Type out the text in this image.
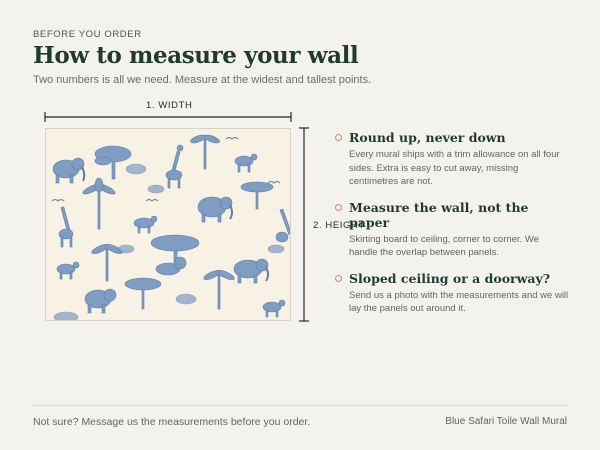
BEFORE YOU ORDER
How to measure your wall

Two numbers is all we need. Measure at the widest and tallest points.

1. WIDTH
2. HEIGHT
Round up, never down
Every mural ships with a trim allowance on all four sides. Extra is easy to cut away, missing centimetres are not.
Measure the wall, not the paper
Skirting board to ceiling, corner to corner. We handle the overlap between panels.
Sloped ceiling or a doorway?
Send us a photo with the measurements and we will lay the panels out around it.
Not sure? Message us the measurements before you order.	Blue Safari Toile Wall Mural
